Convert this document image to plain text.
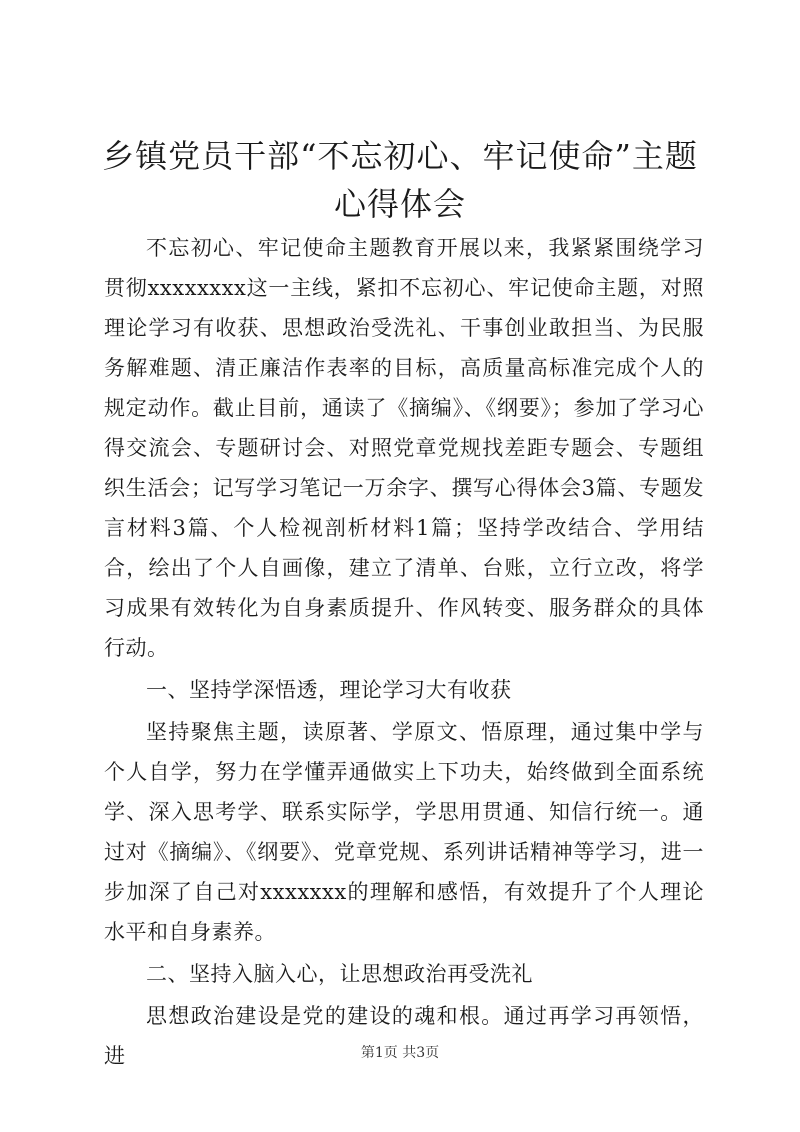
乡镇党员干部“不忘初心、牢记使命”主题心得体会

不忘初心、牢记使命主题教育开展以来，我紧紧围绕学习贯彻xxxxxxxx这一主线，紧扣不忘初心、牢记使命主题，对照理论学习有收获、思想政治受洗礼、干事创业敢担当、为民服务解难题、清正廉洁作表率的目标，高质量高标准完成个人的规定动作。截止目前，通读了《摘编》、《纲要》；参加了学习心得交流会、专题研讨会、对照党章党规找差距专题会、专题组织生活会；记写学习笔记一万余字、撰写心得体会3篇、专题发言材料3篇、个人检视剖析材料1篇；坚持学改结合、学用结合，绘出了个人自画像，建立了清单、台账，立行立改，将学习成果有效转化为自身素质提升、作风转变、服务群众的具体行动。

一、坚持学深悟透，理论学习大有收获

坚持聚焦主题，读原著、学原文、悟原理，通过集中学与个人自学，努力在学懂弄通做实上下功夫，始终做到全面系统学、深入思考学、联系实际学，学思用贯通、知信行统一。通过对《摘编》、《纲要》、党章党规、系列讲话精神等学习，进一步加深了自己对xxxxxxx的理解和感悟，有效提升了个人理论水平和自身素养。

二、坚持入脑入心，让思想政治再受洗礼

思想政治建设是党的建设的魂和根。通过再学习再领悟，进	第1页 共3页
